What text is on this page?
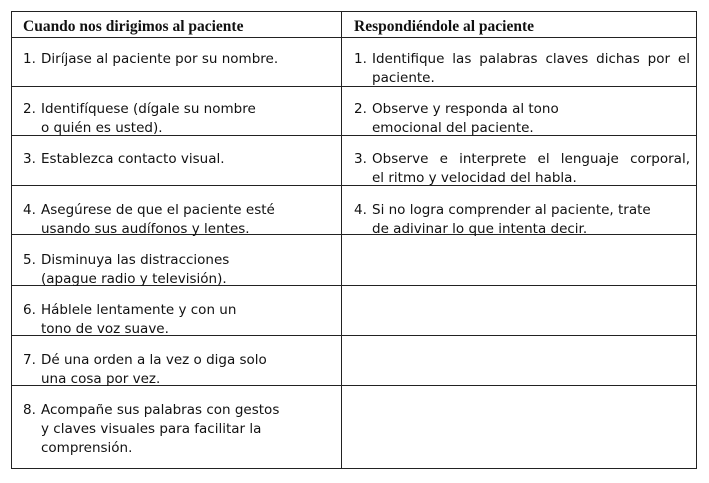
Cuando nos dirigimos al paciente	Respondiéndole al paciente
1. Diríjase al paciente por su nombre.
2. Identifíquese (dígale su nombre
o quién es usted).
3. Establezca contacto visual.
4. Asegúrese de que el paciente esté
usando sus audífonos y lentes.
5. Disminuya las distracciones
(apague radio y televisión).
6. Háblele lentamente y con un
tono de voz suave.
7. Dé una orden a la vez o diga solo
una cosa por vez.
8. Acompañe sus palabras con gestos
y claves visuales para facilitar la
comprensión.
1. Identifique las palabras claves dichas por el
paciente.
2. Observe y responda al tono
emocional del paciente.
3. Observe e interprete el lenguaje corporal,
el ritmo y velocidad del habla.
4. Si no logra comprender al paciente, trate
de adivinar lo que intenta decir.
